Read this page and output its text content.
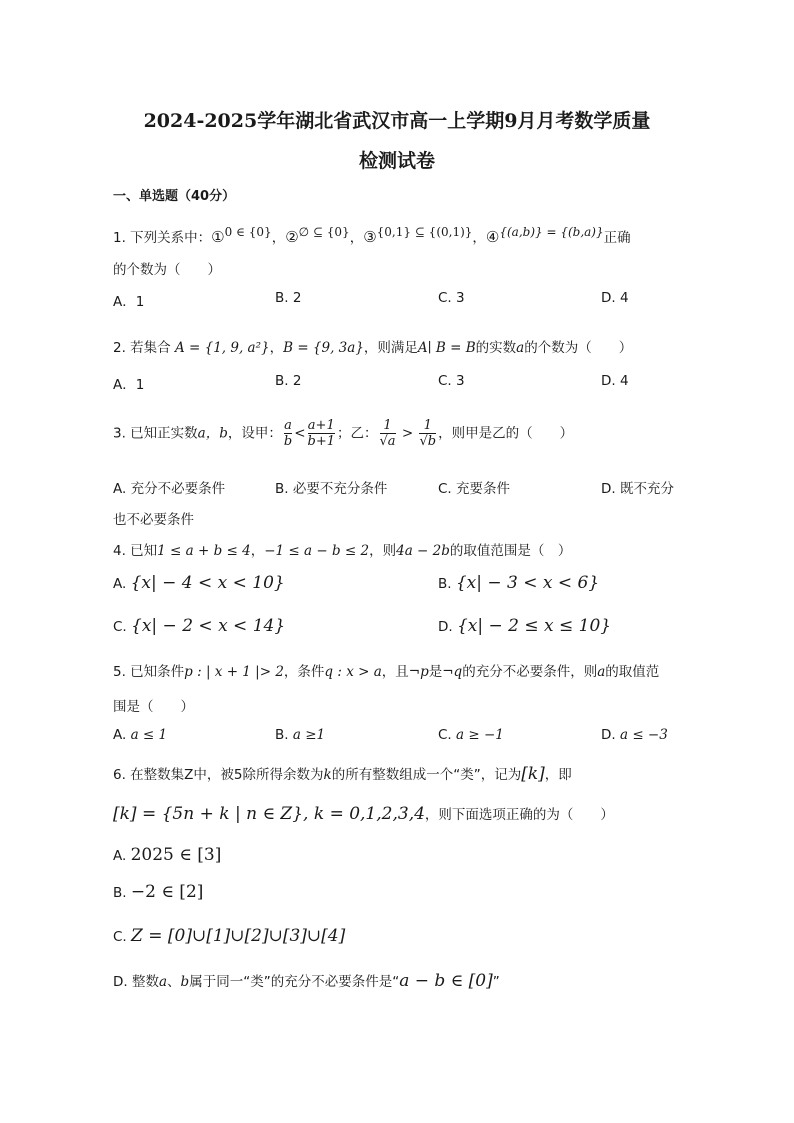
2024-2025学年湖北省武汉市高一上学期9月月考数学质量
检测试卷
一、单选题（40分）
1. 下列关系中：①0 ∈ {0}，②∅ ⊆ {0}，③{0,1} ⊆ {(0,1)}，④{(a,b)} = {(b,a)}正确
的个数为（　　）
A．1	B. 2	C. 3	D. 4
2. 若集合 A = {1, 9, a²}，B = {9, 3a}，则满足A∣ B = B的实数a的个数为（　　）
A．1	B. 2	C. 3	D. 4
3. 已知正实数a，b，设甲： $\frac{a}{b} < \frac{a+1}{b+1}$ ；乙： $\frac{1}{√a} > \frac{1}{√b}$ ，则甲是乙的（　　）
A. 充分不必要条件	B. 必要不充分条件	C. 充要条件	D. 既不充分
也不必要条件
4. 已知1 ≤ a + b ≤ 4，−1 ≤ a − b ≤ 2，则4a − 2b的取值范围是（　）
A. {x| − 4 < x < 10}	B. {x| − 3 < x < 6}
C. {x| − 2 < x < 14}	D. {x| − 2 ≤ x ≤ 10}
5. 已知条件p : | x + 1 |> 2，条件q : x > a，且¬p是¬q的充分不必要条件，则a的取值范
围是（　　）
A. a ≤ 1	B. a ≥1	C. a ≥ −1	D. a ≤ −3
6. 在整数集Z中，被5除所得余数为k的所有整数组成一个“类”，记为[k]，即
[k] = {5n + k | n ∈ Z}, k = 0,1,2,3,4，则下面选项正确的为（　　）
A. 2025 ∈ [3]
B. −2 ∈ [2]
C. Z = [0]∪[1]∪[2]∪[3]∪[4]
D. 整数a、b属于同一“类”的充分不必要条件是“a − b ∈ [0]”
